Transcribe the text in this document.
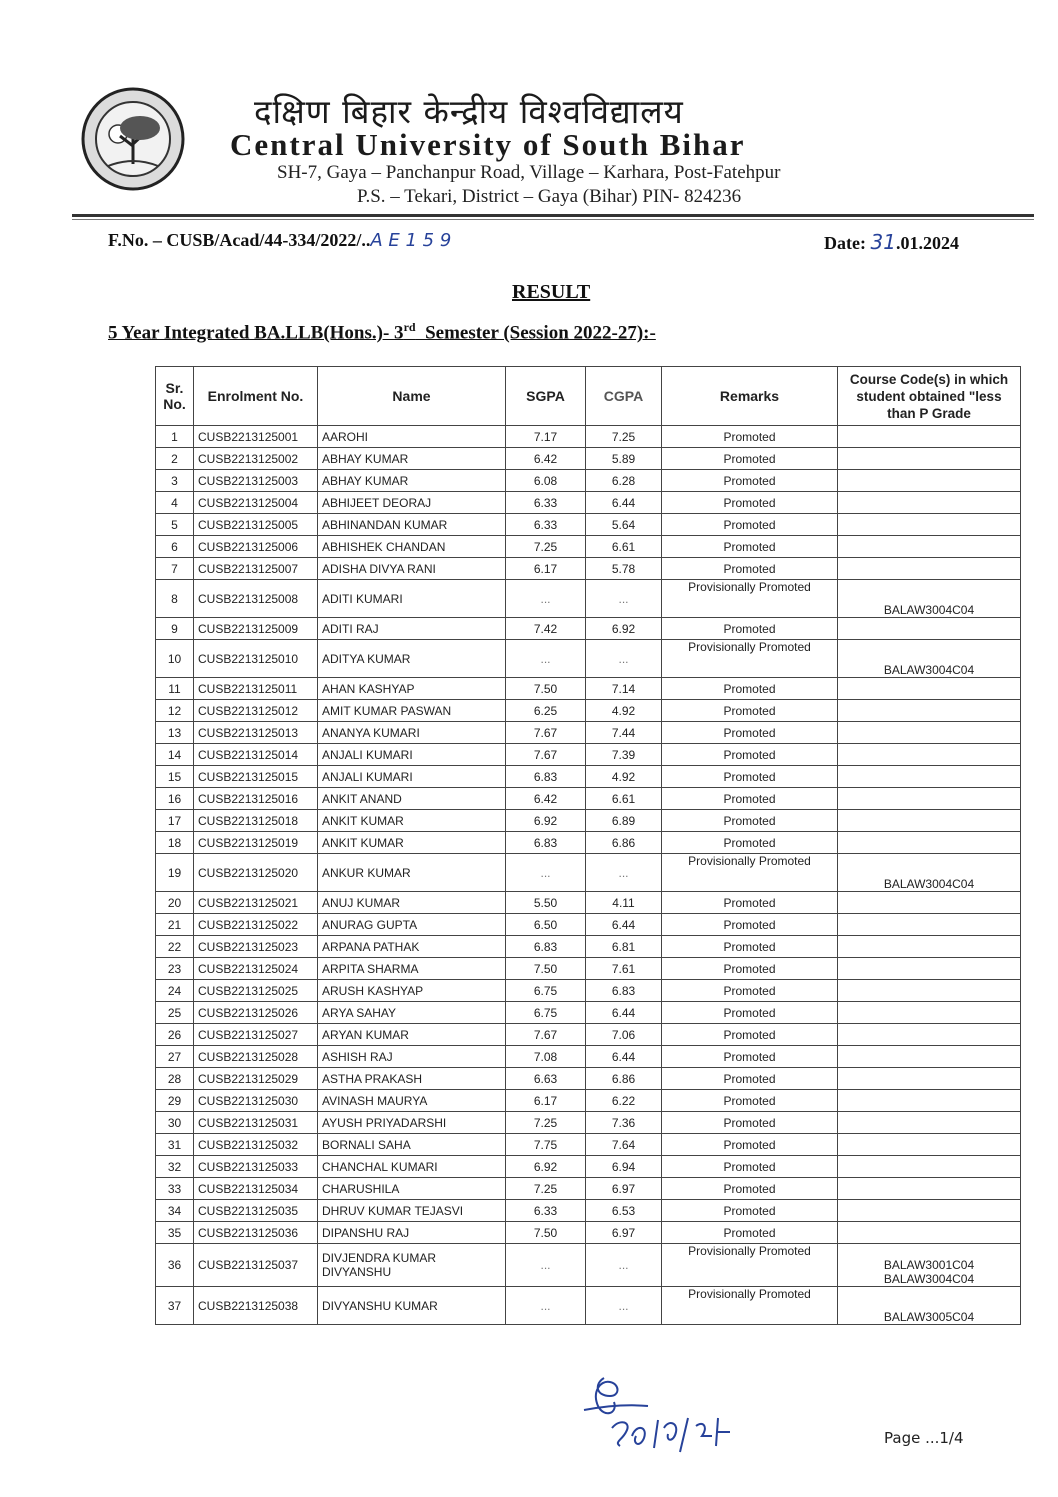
दक्षिण बिहार केन्द्रीय विश्वविद्यालय
Central University of South Bihar
SH-7, Gaya – Panchanpur Road, Village – Karhara, Post-Fatehpur
P.S. – Tekari, District – Gaya (Bihar) PIN- 824236
F.No. – CUSB/Acad/44-334/2022/..A E 1 5 9	Date: 31.01.2024
RESULT
5 Year Integrated BA.LLB(Hons.)- 3rd  Semester (Session 2022-27):-
Sr. No.	Enrolment No.	Name	SGPA	CGPA	Remarks	Course Code(s) in which student obtained "less than P Grade
1	CUSB2213125001	AAROHI	7.17	7.25	Promoted	
2	CUSB2213125002	ABHAY KUMAR	6.42	5.89	Promoted	
3	CUSB2213125003	ABHAY KUMAR	6.08	6.28	Promoted	
4	CUSB2213125004	ABHIJEET DEORAJ	6.33	6.44	Promoted	
5	CUSB2213125005	ABHINANDAN KUMAR	6.33	5.64	Promoted	
6	CUSB2213125006	ABHISHEK CHANDAN	7.25	6.61	Promoted	
7	CUSB2213125007	ADISHA DIVYA RANI	6.17	5.78	Promoted	
8	CUSB2213125008	ADITI KUMARI	...	...	Provisionally Promoted	BALAW3004C04
9	CUSB2213125009	ADITI RAJ	7.42	6.92	Promoted	
10	CUSB2213125010	ADITYA KUMAR	...	...	Provisionally Promoted	BALAW3004C04
11	CUSB2213125011	AHAN KASHYAP	7.50	7.14	Promoted	
12	CUSB2213125012	AMIT KUMAR PASWAN	6.25	4.92	Promoted	
13	CUSB2213125013	ANANYA KUMARI	7.67	7.44	Promoted	
14	CUSB2213125014	ANJALI KUMARI	7.67	7.39	Promoted	
15	CUSB2213125015	ANJALI KUMARI	6.83	4.92	Promoted	
16	CUSB2213125016	ANKIT ANAND	6.42	6.61	Promoted	
17	CUSB2213125018	ANKIT KUMAR	6.92	6.89	Promoted	
18	CUSB2213125019	ANKIT KUMAR	6.83	6.86	Promoted	
19	CUSB2213125020	ANKUR KUMAR	...	...	Provisionally Promoted	BALAW3004C04
20	CUSB2213125021	ANUJ KUMAR	5.50	4.11	Promoted	
21	CUSB2213125022	ANURAG GUPTA	6.50	6.44	Promoted	
22	CUSB2213125023	ARPANA PATHAK	6.83	6.81	Promoted	
23	CUSB2213125024	ARPITA SHARMA	7.50	7.61	Promoted	
24	CUSB2213125025	ARUSH KASHYAP	6.75	6.83	Promoted	
25	CUSB2213125026	ARYA SAHAY	6.75	6.44	Promoted	
26	CUSB2213125027	ARYAN KUMAR	7.67	7.06	Promoted	
27	CUSB2213125028	ASHISH RAJ	7.08	6.44	Promoted	
28	CUSB2213125029	ASTHA PRAKASH	6.63	6.86	Promoted	
29	CUSB2213125030	AVINASH MAURYA	6.17	6.22	Promoted	
30	CUSB2213125031	AYUSH PRIYADARSHI	7.25	7.36	Promoted	
31	CUSB2213125032	BORNALI SAHA	7.75	7.64	Promoted	
32	CUSB2213125033	CHANCHAL KUMARI	6.92	6.94	Promoted	
33	CUSB2213125034	CHARUSHILA	7.25	6.97	Promoted	
34	CUSB2213125035	DHRUV KUMAR TEJASVI	6.33	6.53	Promoted	
35	CUSB2213125036	DIPANSHU RAJ	7.50	6.97	Promoted	
36	CUSB2213125037	DIVJENDRA KUMAR DIVYANSHU	...	...	Provisionally Promoted	BALAW3001C04
BALAW3004C04
37	CUSB2213125038	DIVYANSHU KUMAR	...	...	Provisionally Promoted	BALAW3005C04
Page ...1/4
